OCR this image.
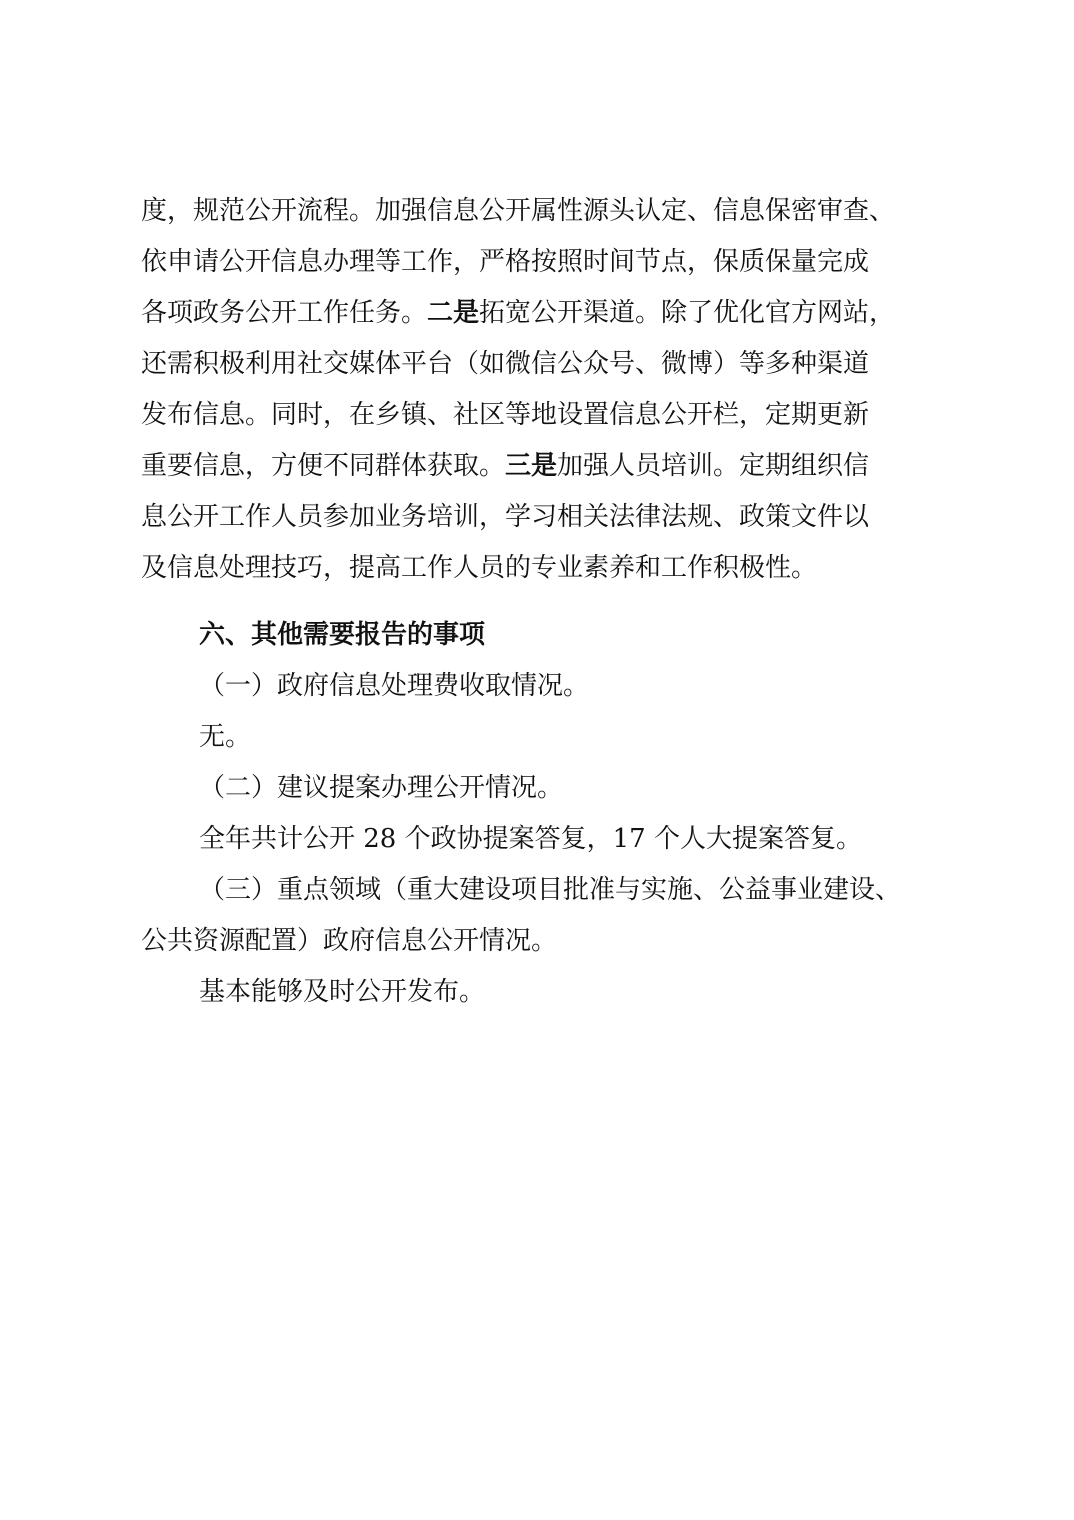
度，规范公开流程。加强信息公开属性源头认定、信息保密审查、
依申请公开信息办理等工作，严格按照时间节点，保质保量完成
各项政务公开工作任务。二是拓宽公开渠道。除了优化官方网站，
还需积极利用社交媒体平台（如微信公众号、微博）等多种渠道
发布信息。同时，在乡镇、社区等地设置信息公开栏，定期更新
重要信息，方便不同群体获取。三是加强人员培训。定期组织信
息公开工作人员参加业务培训，学习相关法律法规、政策文件以
及信息处理技巧，提高工作人员的专业素养和工作积极性。
六、其他需要报告的事项
（一）政府信息处理费收取情况。
无。
（二）建议提案办理公开情况。
全年共计公开 28 个政协提案答复，17 个人大提案答复。
（三）重点领域（重大建设项目批准与实施、公益事业建设、
公共资源配置）政府信息公开情况。
基本能够及时公开发布。
